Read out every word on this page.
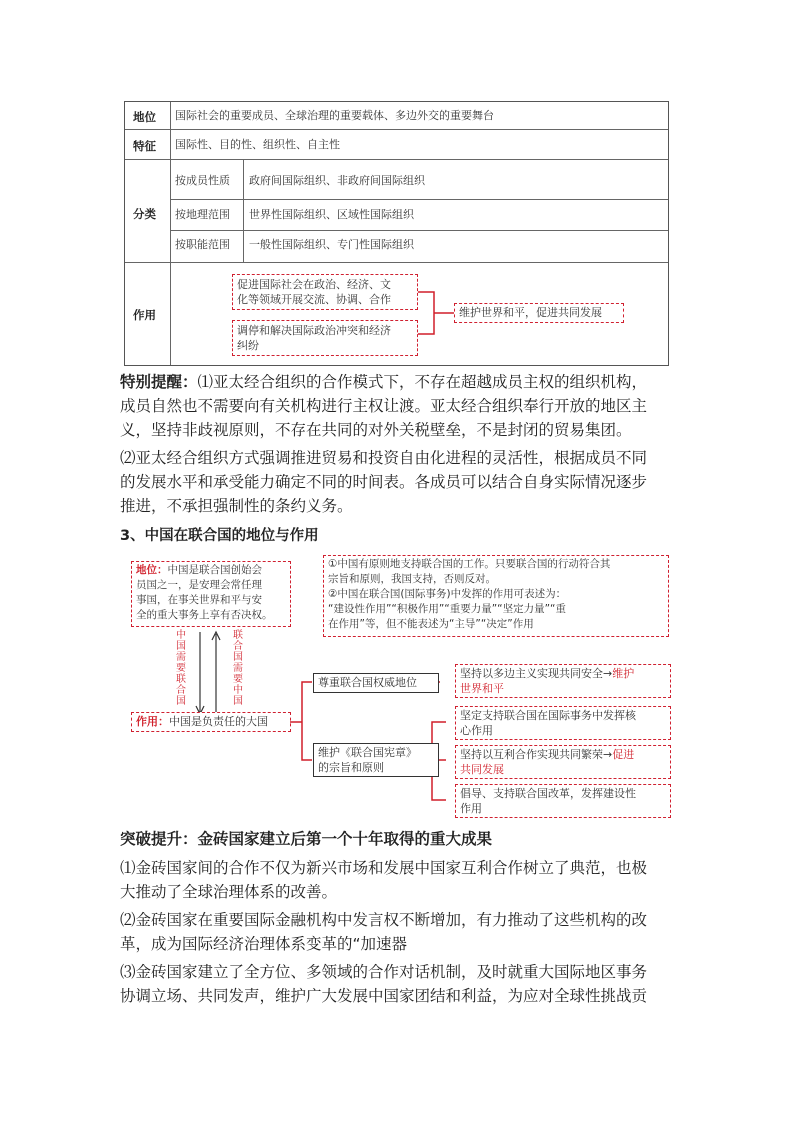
地位 国际社会的重要成员、全球治理的重要载体、多边外交的重要舞台
特征 国际性、目的性、组织性、自主性
分类
按成员性质 政府间国际组织、非政府间国际组织
按地理范围 世界性国际组织、区域性国际组织
按职能范围 一般性国际组织、专门性国际组织
作用
促进国际社会在政治、经济、文
化等领域开展交流、协调、合作
调停和解决国际政治冲突和经济
纠纷
维护世界和平，促进共同发展
特别提醒：⑴亚太经合组织的合作模式下，不存在超越成员主权的组织机构，
成员自然也不需要向有关机构进行主权让渡。亚太经合组织奉行开放的地区主
义，坚持非歧视原则，不存在共同的对外关税壁垒，不是封闭的贸易集团。
⑵亚太经合组织方式强调推进贸易和投资自由化进程的灵活性，根据成员不同
的发展水平和承受能力确定不同的时间表。各成员可以结合自身实际情况逐步
推进，不承担强制性的条约义务。
3、中国在联合国的地位与作用
地位：中国是联合国创始会
员国之一，是安理会常任理
事国，在事关世界和平与安
全的重大事务上享有否决权。
①中国有原则地支持联合国的工作。只要联合国的行动符合其
宗旨和原则，我国支持，否则反对。
②中国在联合国(国际事务)中发挥的作用可表述为：
“建设性作用”“积极作用”“重要力量”“坚定力量”“重
在作用”等，但不能表述为“主导”“决定”作用
中国需要联合国
联合国需要中国
作用：中国是负责任的大国
尊重联合国权威地位
坚持以多边主义实现共同安全→维护
世界和平
维护《联合国宪章》
的宗旨和原则
坚定支持联合国在国际事务中发挥核
心作用
坚持以互利合作实现共同繁荣→促进
共同发展
倡导、支持联合国改革，发挥建设性
作用
突破提升：金砖国家建立后第一个十年取得的重大成果
⑴金砖国家间的合作不仅为新兴市场和发展中国家互利合作树立了典范，也极
大推动了全球治理体系的改善。
⑵金砖国家在重要国际金融机构中发言权不断增加，有力推动了这些机构的改
革，成为国际经济治理体系变革的“加速器
⑶金砖国家建立了全方位、多领域的合作对话机制，及时就重大国际地区事务
协调立场、共同发声，维护广大发展中国家团结和利益，为应对全球性挑战贡
